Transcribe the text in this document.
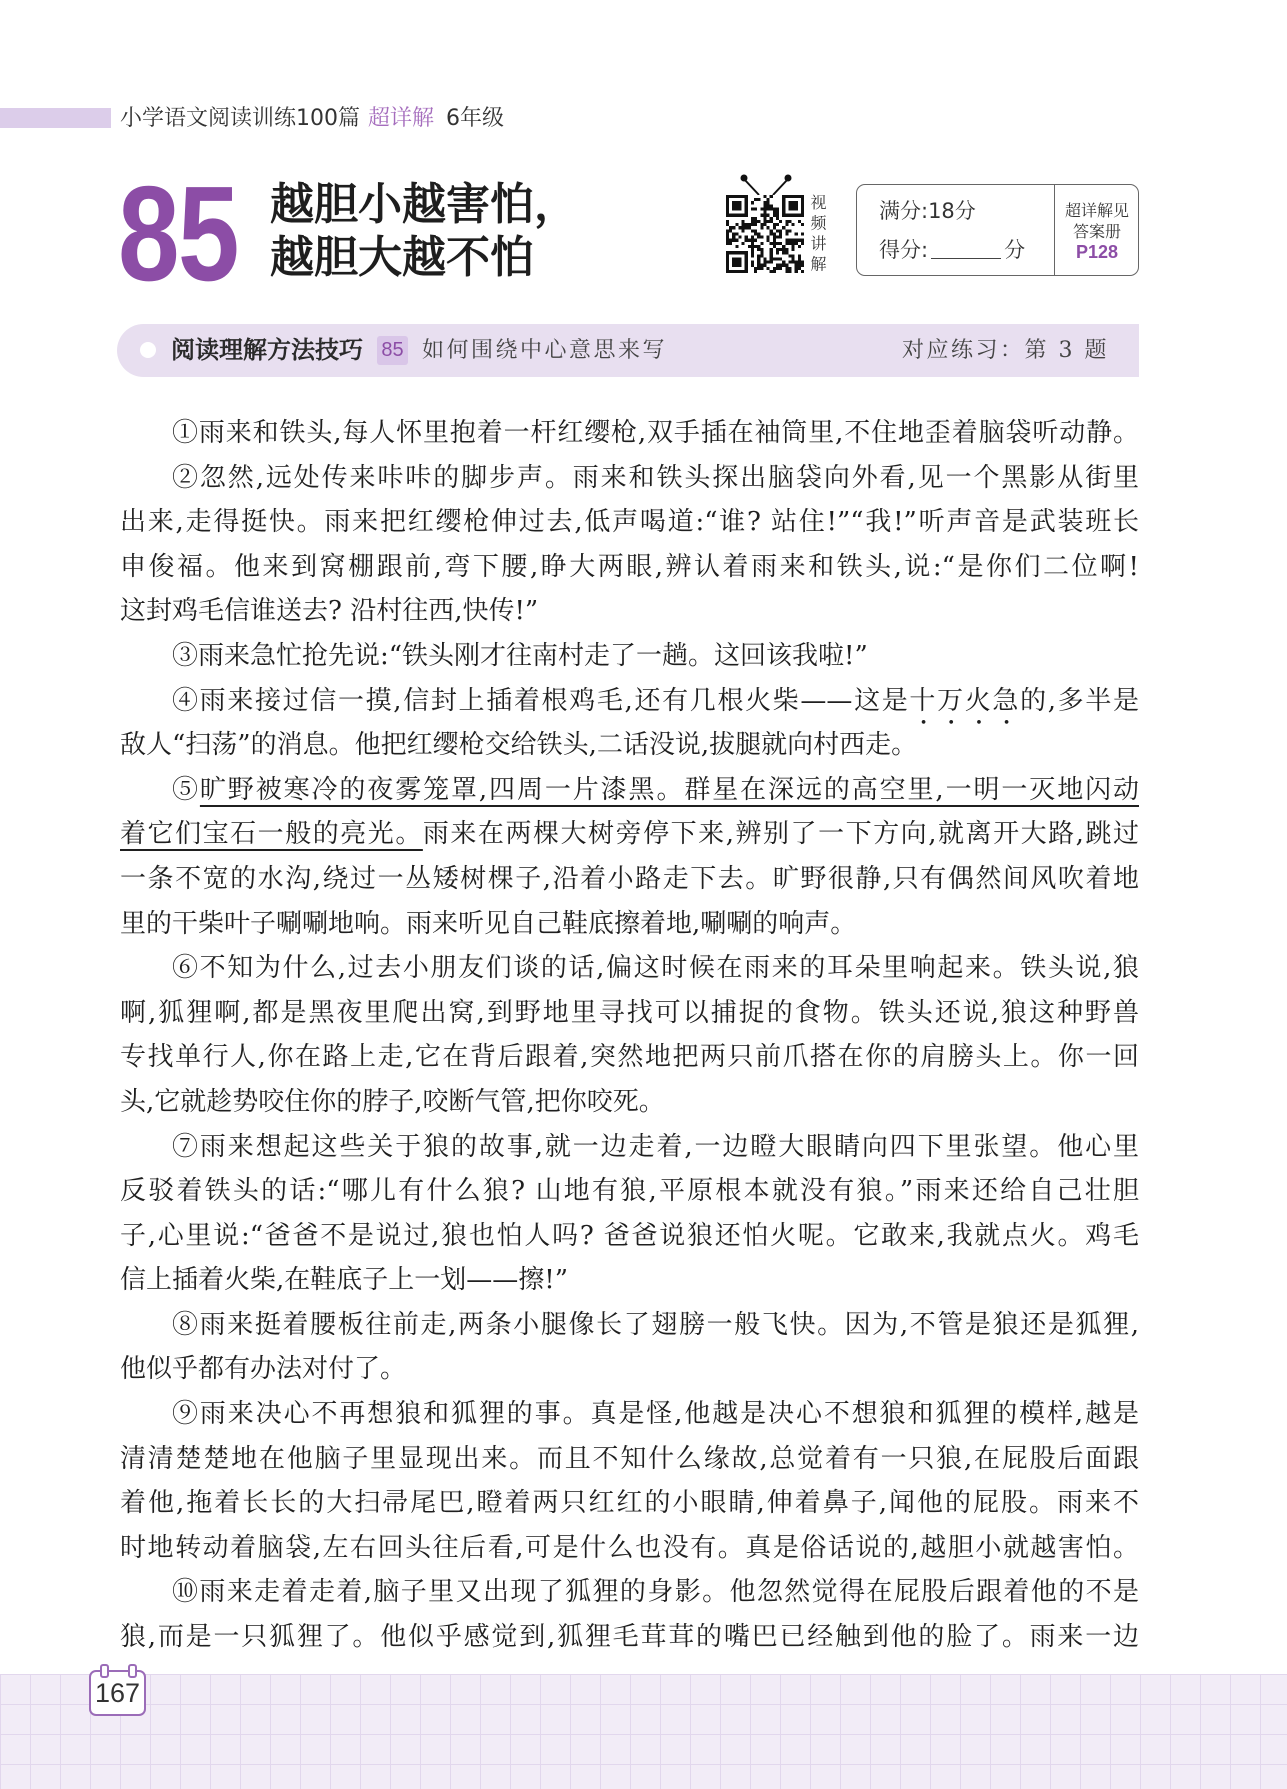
小学语文阅读训练100篇 超详解 6年级
85 越胆小越害怕，
越胆大越不怕	视频讲解 满分:18分
得分:	分
超详解见
答案册
P128
阅读理解方法技巧 85 如何围绕中心意思来写	对应练习：第 3 题
①雨来和铁头,每人怀里抱着一杆红缨枪,双手插在袖筒里,不住地歪着脑袋听动静。
②忽然,远处传来咔咔的脚步声。雨来和铁头探出脑袋向外看,见一个黑影从街里
出来,走得挺快。雨来把红缨枪伸过去,低声喝道:“谁? 站住!”“我!”听声音是武装班长
申俊福。他来到窝棚跟前,弯下腰,睁大两眼,辨认着雨来和铁头,说:“是你们二位啊!
这封鸡毛信谁送去? 沿村往西,快传!”
③雨来急忙抢先说:“铁头刚才往南村走了一趟。这回该我啦!”
④雨来接过信一摸,信封上插着根鸡毛,还有几根火柴——这是十万火急的,多半是
敌人“扫荡”的消息。他把红缨枪交给铁头,二话没说,拔腿就向村西走。
⑤旷野被寒冷的夜雾笼罩,四周一片漆黑。群星在深远的高空里,一明一灭地闪动
着它们宝石一般的亮光。雨来在两棵大树旁停下来,辨别了一下方向,就离开大路,跳过
一条不宽的水沟,绕过一丛矮树棵子,沿着小路走下去。旷野很静,只有偶然间风吹着地
里的干柴叶子唰唰地响。雨来听见自己鞋底擦着地,唰唰的响声。
⑥不知为什么,过去小朋友们谈的话,偏这时候在雨来的耳朵里响起来。铁头说,狼
啊,狐狸啊,都是黑夜里爬出窝,到野地里寻找可以捕捉的食物。铁头还说,狼这种野兽
专找单行人,你在路上走,它在背后跟着,突然地把两只前爪搭在你的肩膀头上。你一回
头,它就趁势咬住你的脖子,咬断气管,把你咬死。
⑦雨来想起这些关于狼的故事,就一边走着,一边瞪大眼睛向四下里张望。他心里
反驳着铁头的话:“哪儿有什么狼? 山地有狼,平原根本就没有狼。”雨来还给自己壮胆
子,心里说:“爸爸不是说过,狼也怕人吗? 爸爸说狼还怕火呢。它敢来,我就点火。鸡毛
信上插着火柴,在鞋底子上一划——擦!”
⑧雨来挺着腰板往前走,两条小腿像长了翅膀一般飞快。因为,不管是狼还是狐狸,
他似乎都有办法对付了。
⑨雨来决心不再想狼和狐狸的事。真是怪,他越是决心不想狼和狐狸的模样,越是
清清楚楚地在他脑子里显现出来。而且不知什么缘故,总觉着有一只狼,在屁股后面跟
着他,拖着长长的大扫帚尾巴,瞪着两只红红的小眼睛,伸着鼻子,闻他的屁股。雨来不
时地转动着脑袋,左右回头往后看,可是什么也没有。真是俗话说的,越胆小就越害怕。
⑩雨来走着走着,脑子里又出现了狐狸的身影。他忽然觉得在屁股后跟着他的不是
狼,而是一只狐狸了。他似乎感觉到,狐狸毛茸茸的嘴巴已经触到他的脸了。雨来一边
167
